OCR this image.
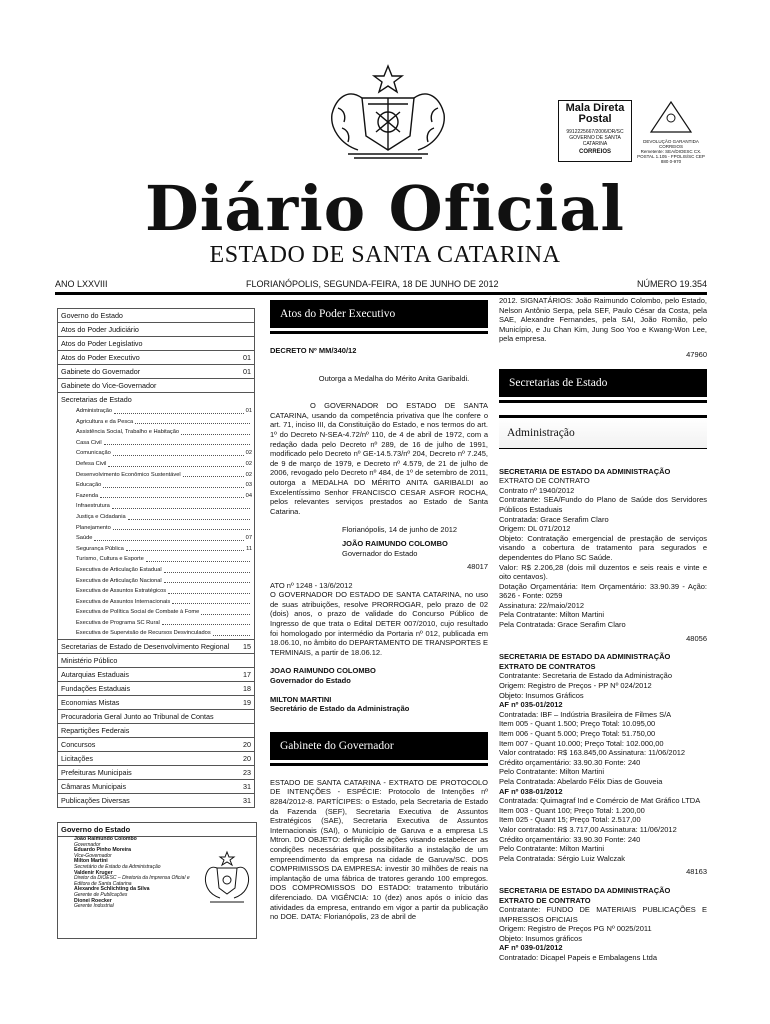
Mala Direta Postal
9912225667/2006/DR/SC GOVERNO DE SANTA CATARINA
CORREIOS
DEVOLUÇÃO GARANTIDA CORREIOS
Remetente: SEA/DIOESC CX. POSTAL 1.105 - FPOLIS/SC CEP 880 0-970
Diário Oficial
ESTADO DE SANTA CATARINA
ANO LXXVIII	FLORIANÓPOLIS, SEGUNDA-FEIRA, 18 DE JUNHO DE 2012	NÚMERO 19.354
Governo do Estado
Atos do Poder Judiciário
Atos do Poder Legislativo
Atos do Poder Executivo	01
Gabinete do Governador	01
Gabinete do Vice-Governador
Secretarias de Estado
Administração	01
Agricultura e da Pesca
Assistência Social, Trabalho e Habitação
Casa Civil
Comunicação	02
Defesa Civil	02
Desenvolvimento Econômico Sustentável	02
Educação	03
Fazenda	04
Infraestrutura
Justiça e Cidadania
Planejamento
Saúde	07
Segurança Pública	11
Turismo, Cultura e Esporte
Executiva de Articulação Estadual
Executiva de Articulação Nacional
Executiva de Assuntos Estratégicos
Executiva de Assuntos Internacionais
Executiva de Política Social de Combate à Fome
Executiva de Programa SC Rural
Executiva de Supervisão de Recursos Desvinculados
Secretarias de Estado de Desenvolvimento Regional 15
Ministério Público
Autarquias Estaduais	17
Fundações Estaduais	18
Economias Mistas	19
Procuradoria Geral Junto ao Tribunal de Contas
Repartições Federais
Concursos	20
Licitações	20
Prefeituras Municipais	23
Câmaras Municipais	31
Publicações Diversas	31
Governo do Estado
João Raimundo Colombo
Governador
Eduardo Pinho Moreira
Vice-Governador
Milton Martini
Secretário de Estado da Administração
Valdenir Kruger
Diretor da DIOESC – Diretoria da Imprensa Oficial e Editora de Santa Catarina
Alexandre Schlichting da Silva
Gerente de Publicações
Dionei Roecker
Gerente Industrial
Atos do Poder Executivo

DECRETO Nº MM/340/12

Outorga a Medalha do Mérito Anita Garibaldi.

O GOVERNADOR DO ESTADO DE SANTA CATARINA, usando da competência privativa que lhe confere o art. 71, inciso III, da Constituição do Estado, e nos termos do art. 1º do Decreto N-SEA-4.72/nº 110, de 4 de abril de 1972, com a redação dada pelo Decreto nº 289, de 16 de julho de 1991, modificado pelo Decreto nº GE-14.5.73/nº 204, Decreto nº 7.245, de 9 de março de 1979, e Decreto nº 4.579, de 21 de julho de 2006, revogado pelo Decreto nº 484, de 1º de setembro de 2011, outorga a MEDALHA DO MÉRITO ANITA GARIBALDI ao Excelentíssimo Senhor FRANCISCO CESAR ASFOR ROCHA, pelos relevantes serviços prestados ao Estado de Santa Catarina.

Florianópolis, 14 de junho de 2012

JOÃO RAIMUNDO COLOMBO

Governador do Estado

48017

ATO nº 1248 - 13/6/2012

O GOVERNADOR DO ESTADO DE SANTA CATARINA, no uso de suas atribuições, resolve PRORROGAR, pelo prazo de 02 (dois) anos, o prazo de validade do Concurso Público de Ingresso de que trata o Edital DETER 007/2010, cujo resultado foi homologado por intermédio da Portaria nº 012, publicada em 18.06.10, no âmbito do DEPARTAMENTO DE TRANSPORTES E TERMINAIS, a partir de 18.06.12.

JOAO RAIMUNDO COLOMBO

Governador do Estado

MILTON MARTINI

Secretário de Estado da Administração

Gabinete do Governador

ESTADO DE SANTA CATARINA - EXTRATO DE PROTOCOLO DE INTENÇÕES - ESPÉCIE: Protocolo de Intenções nº 8284/2012-8. PARTÍCIPES: o Estado, pela Secretaria de Estado da Fazenda (SEF), Secretaria Executiva de Assuntos Estratégicos (SAE), Secretaria Executiva de Assuntos Internacionais (SAI), o Município de Garuva e a empresa LS Mtron. DO OBJETO: definição de ações visando estabelecer as condições necessárias que possibilitarão a instalação de um empreendimento da empresa na cidade de Garuva/SC. DOS COMPRIMISSOS DA EMPRESA: investir 30 milhões de reais na implantação de uma fábrica de tratores gerando 100 empregos. DOS COMPROMISSOS DO ESTADO: tratamento tributário diferenciado. DA VIGÊNCIA: 10 (dez) anos após o início das atividades da empresa, entrando em vigor a partir da publicação no DOE. DATA: Florianópolis, 23 de abril de

2012. SIGNATÁRIOS: João Raimundo Colombo, pelo Estado, Nelson Antônio Serpa, pela SEF, Paulo César da Costa, pela SAE, Alexandre Fernandes, pela SAI, João Romão, pelo Município, e Ju Chan Kim, Jung Soo Yoo e Kwang-Won Lee, pela empresa.

47960

Secretarias de Estado
Administração

SECRETARIA DE ESTADO DA ADMINISTRAÇÃO

EXTRATO DE CONTRATO

Contrato nº 1940/2012

Contratante: SEA/Fundo do Plano de Saúde dos Servidores Públicos Estaduais

Contratada: Grace Serafim Claro

Origem: DL 071/2012

Objeto: Contratação emergencial de prestação de serviços visando a cobertura de tratamento para segurados e dependentes do Plano SC Saúde.

Valor: R$ 2.206,28 (dois mil duzentos e seis reais e vinte e oito centavos).

Dotação Orçamentária: Item Orçamentário: 33.90.39 - Ação: 3626 - Fonte: 0259

Assinatura: 22/maio/2012

Pela Contratante: Milton Martini

Pela Contratada: Grace Serafim Claro

48056

SECRETARIA DE ESTADO DA ADMINISTRAÇÃO

EXTRATO DE CONTRATOS

Contratante: Secretaria de Estado da Administração

Origem: Registro de Preços - PP Nº 024/2012

Objeto: Insumos Gráficos

AF nº 035-01/2012

Contratada: IBF – Indústria Brasileira de Filmes S/A

Item 005 - Quant 1.500; Preço Total: 10.095,00

Item 006 - Quant 5.000; Preço Total: 51.750,00

Item 007 - Quant 10.000; Preço Total: 102.000,00

Valor contratado: R$ 163.845,00 Assinatura: 11/06/2012

Crédito orçamentário: 33.90.30 Fonte: 240

Pelo Contratante: Milton Martini

Pela Contratada: Abelardo Félix Dias de Gouveia

AF nº 038-01/2012

Contratada: Quimagraf Ind e Comércio de Mat Gráfico LTDA

Item 003 - Quant 100; Preço Total: 1.200,00

Item 025 - Quant 15; Preço Total: 2.517,00

Valor contratado: R$ 3.717,00 Assinatura: 11/06/2012

Crédito orçamentário: 33.90.30 Fonte: 240

Pelo Contratante: Milton Martini

Pela Contratada: Sérgio Luiz Walczak

48163

SECRETARIA DE ESTADO DA ADMINISTRAÇÃO

EXTRATO DE CONTRATO

Contratante: FUNDO DE MATERIAIS PUBLICAÇÕES E IMPRESSOS OFICIAIS

Origem: Registro de Preços PG Nº 0025/2011

Objeto: Insumos gráficos

AF nº 039-01/2012

Contratado: Dicapel Papeis e Embalagens Ltda
